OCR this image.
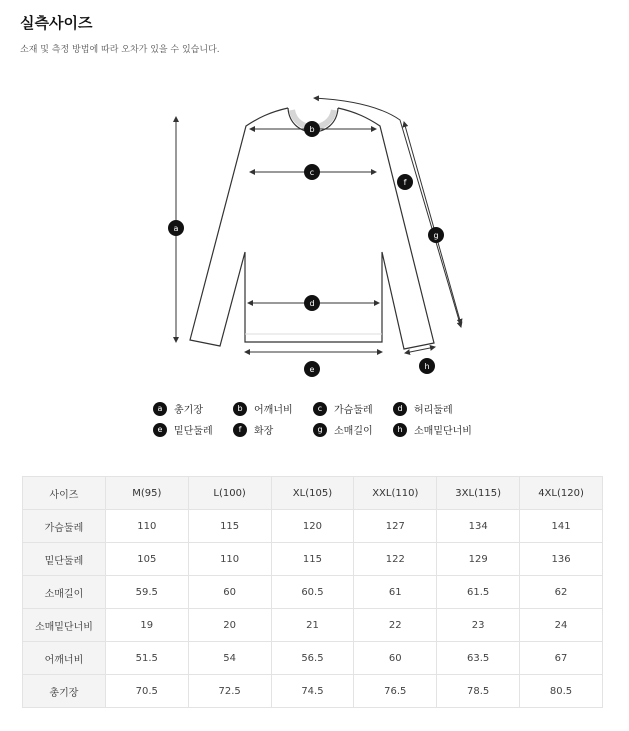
실측사이즈

소재 및 측정 방법에 따라 오차가 있을 수 있습니다.

a
b
c
d
e
f
g
h
a	총기장	b	어깨너비	c	가슴둘레	d	허리둘레
e	밑단둘레	f	화장	g	소매길이	h	소매밑단너비
사이즈	M(95)	L(100)	XL(105)	XXL(110)	3XL(115)	4XL(120)
가슴둘레	110	115	120	127	134	141
밑단둘레	105	110	115	122	129	136
소매길이	59.5	60	60.5	61	61.5	62
소매밑단너비	19	20	21	22	23	24
어깨너비	51.5	54	56.5	60	63.5	67
총기장	70.5	72.5	74.5	76.5	78.5	80.5
